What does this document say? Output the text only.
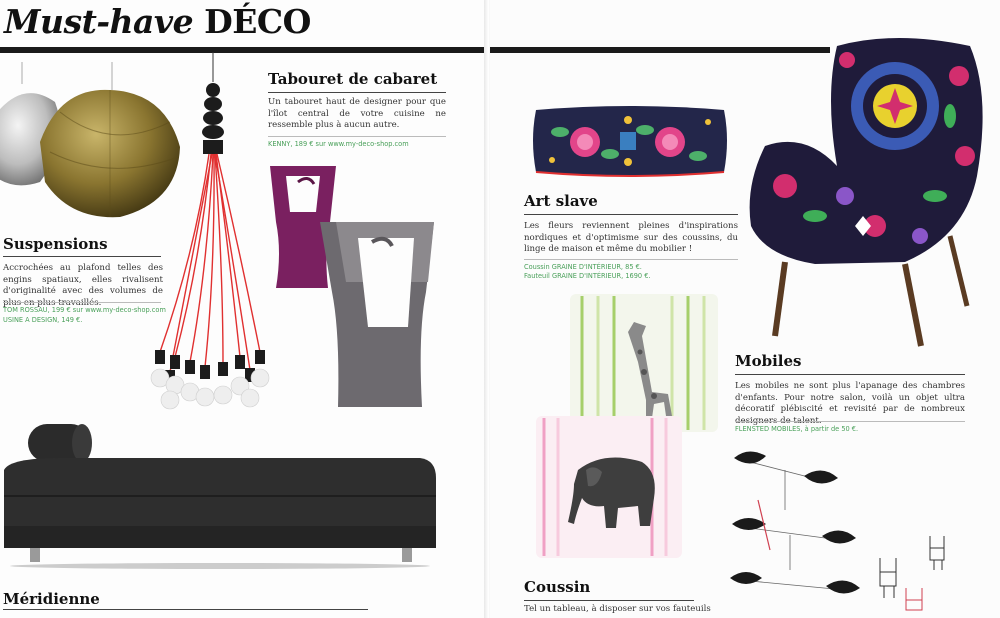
Must-have DÉCO
Tabouret de cabaret
Un tabouret haut de designer pour que l'îlot central de votre cuisine ne ressemble plus à aucun autre.
KENNY, 189 € sur www.my-deco-shop.com
Suspensions
Accrochées au plafond telles des engins spatiaux, elles rivalisent d'originalité avec des volumes de
TOM ROSSAU, 199 € sur www.my-deco-shop.com
USINE A DESIGN, 149 €.
Méridienne
Art slave
Les fleurs reviennent pleines d'inspirations nordiques et d'optimisme sur des coussins, du linge de maison et même du mobilier !
Coussin GRAINE D'INTÉRIEUR, 85 €.
Fauteuil GRAINE D'INTÉRIEUR, 1690 €.
Mobiles
Les mobiles ne sont plus l'apanage des chambres d'enfants. Pour notre salon, voilà un objet ultra décoratif plébiscité et revisité par de nombreux
FLENSTED MOBILES, à partir de 50 €.
Coussin
Tel un tableau, à disposer sur vos fauteuils
